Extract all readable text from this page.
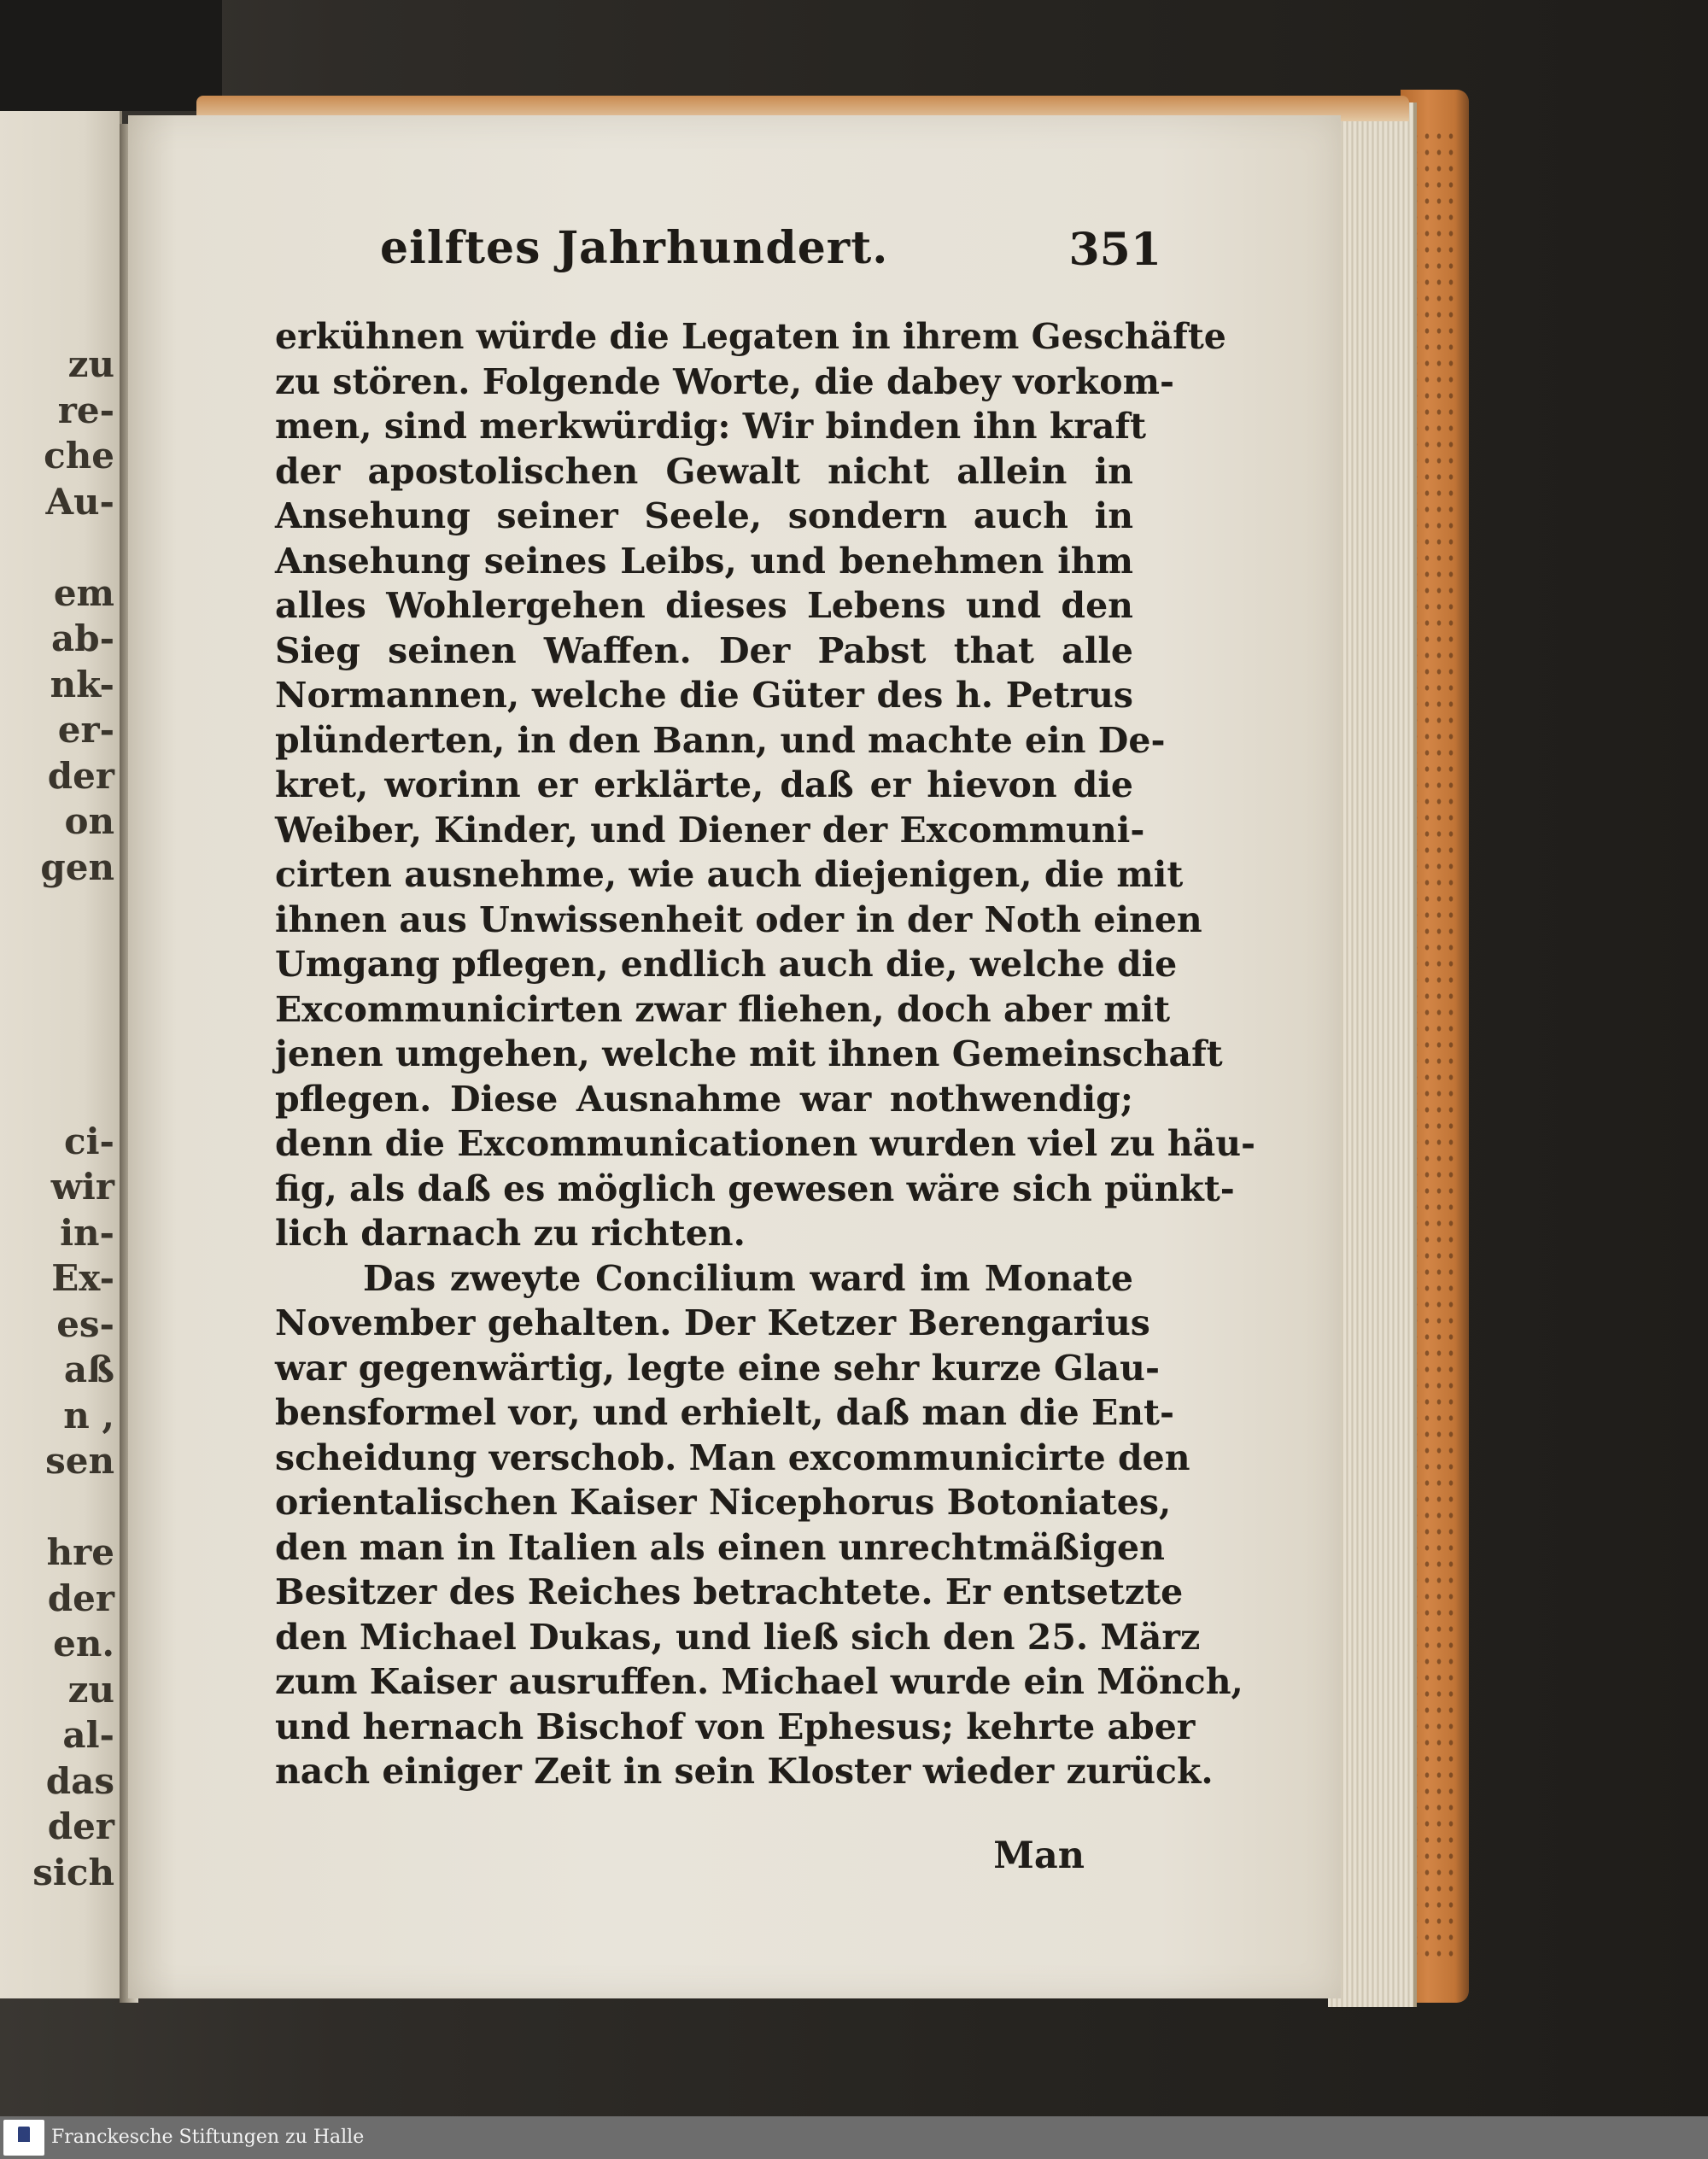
zu
re-
che
Au-
em
ab-
nk-
er-
der
on
gen
ci-
wir
in-
Ex-
es-
aß
n ,
sen
hre
der
en.
zu
al-
das
der
sich
eilftes Jahrhundert.	351
erkühnen würde die Legaten in ihrem Geschäfte
zu stören. Folgende Worte, die dabey vorkom-
men, sind merkwürdig: Wir binden ihn kraft
der apostolischen Gewalt nicht allein in
Ansehung seiner Seele, sondern auch in
Ansehung seines Leibs, und benehmen ihm
alles Wohlergehen dieses Lebens und den
Sieg seinen Waffen. Der Pabst that alle
Normannen, welche die Güter des h. Petrus
plünderten, in den Bann, und machte ein De-
kret, worinn er erklärte, daß er hievon die
Weiber, Kinder, und Diener der Excommuni-
cirten ausnehme, wie auch diejenigen, die mit
ihnen aus Unwissenheit oder in der Noth einen
Umgang pflegen, endlich auch die, welche die
Excommunicirten zwar fliehen, doch aber mit
jenen umgehen, welche mit ihnen Gemeinschaft
pflegen. Diese Ausnahme war nothwendig;
denn die Excommunicationen wurden viel zu häu-
fig, als daß es möglich gewesen wäre sich pünkt-
lich darnach zu richten.
Das zweyte Concilium ward im Monate
November gehalten. Der Ketzer Berengarius
war gegenwärtig, legte eine sehr kurze Glau-
bensformel vor, und erhielt, daß man die Ent-
scheidung verschob. Man excommunicirte den
orientalischen Kaiser Nicephorus Botoniates,
den man in Italien als einen unrechtmäßigen
Besitzer des Reiches betrachtete. Er entsetzte
den Michael Dukas, und ließ sich den 25. März
zum Kaiser ausruffen. Michael wurde ein Mönch,
und hernach Bischof von Ephesus; kehrte aber
nach einiger Zeit in sein Kloster wieder zurück.
Man
Franckesche Stiftungen zu Halle
